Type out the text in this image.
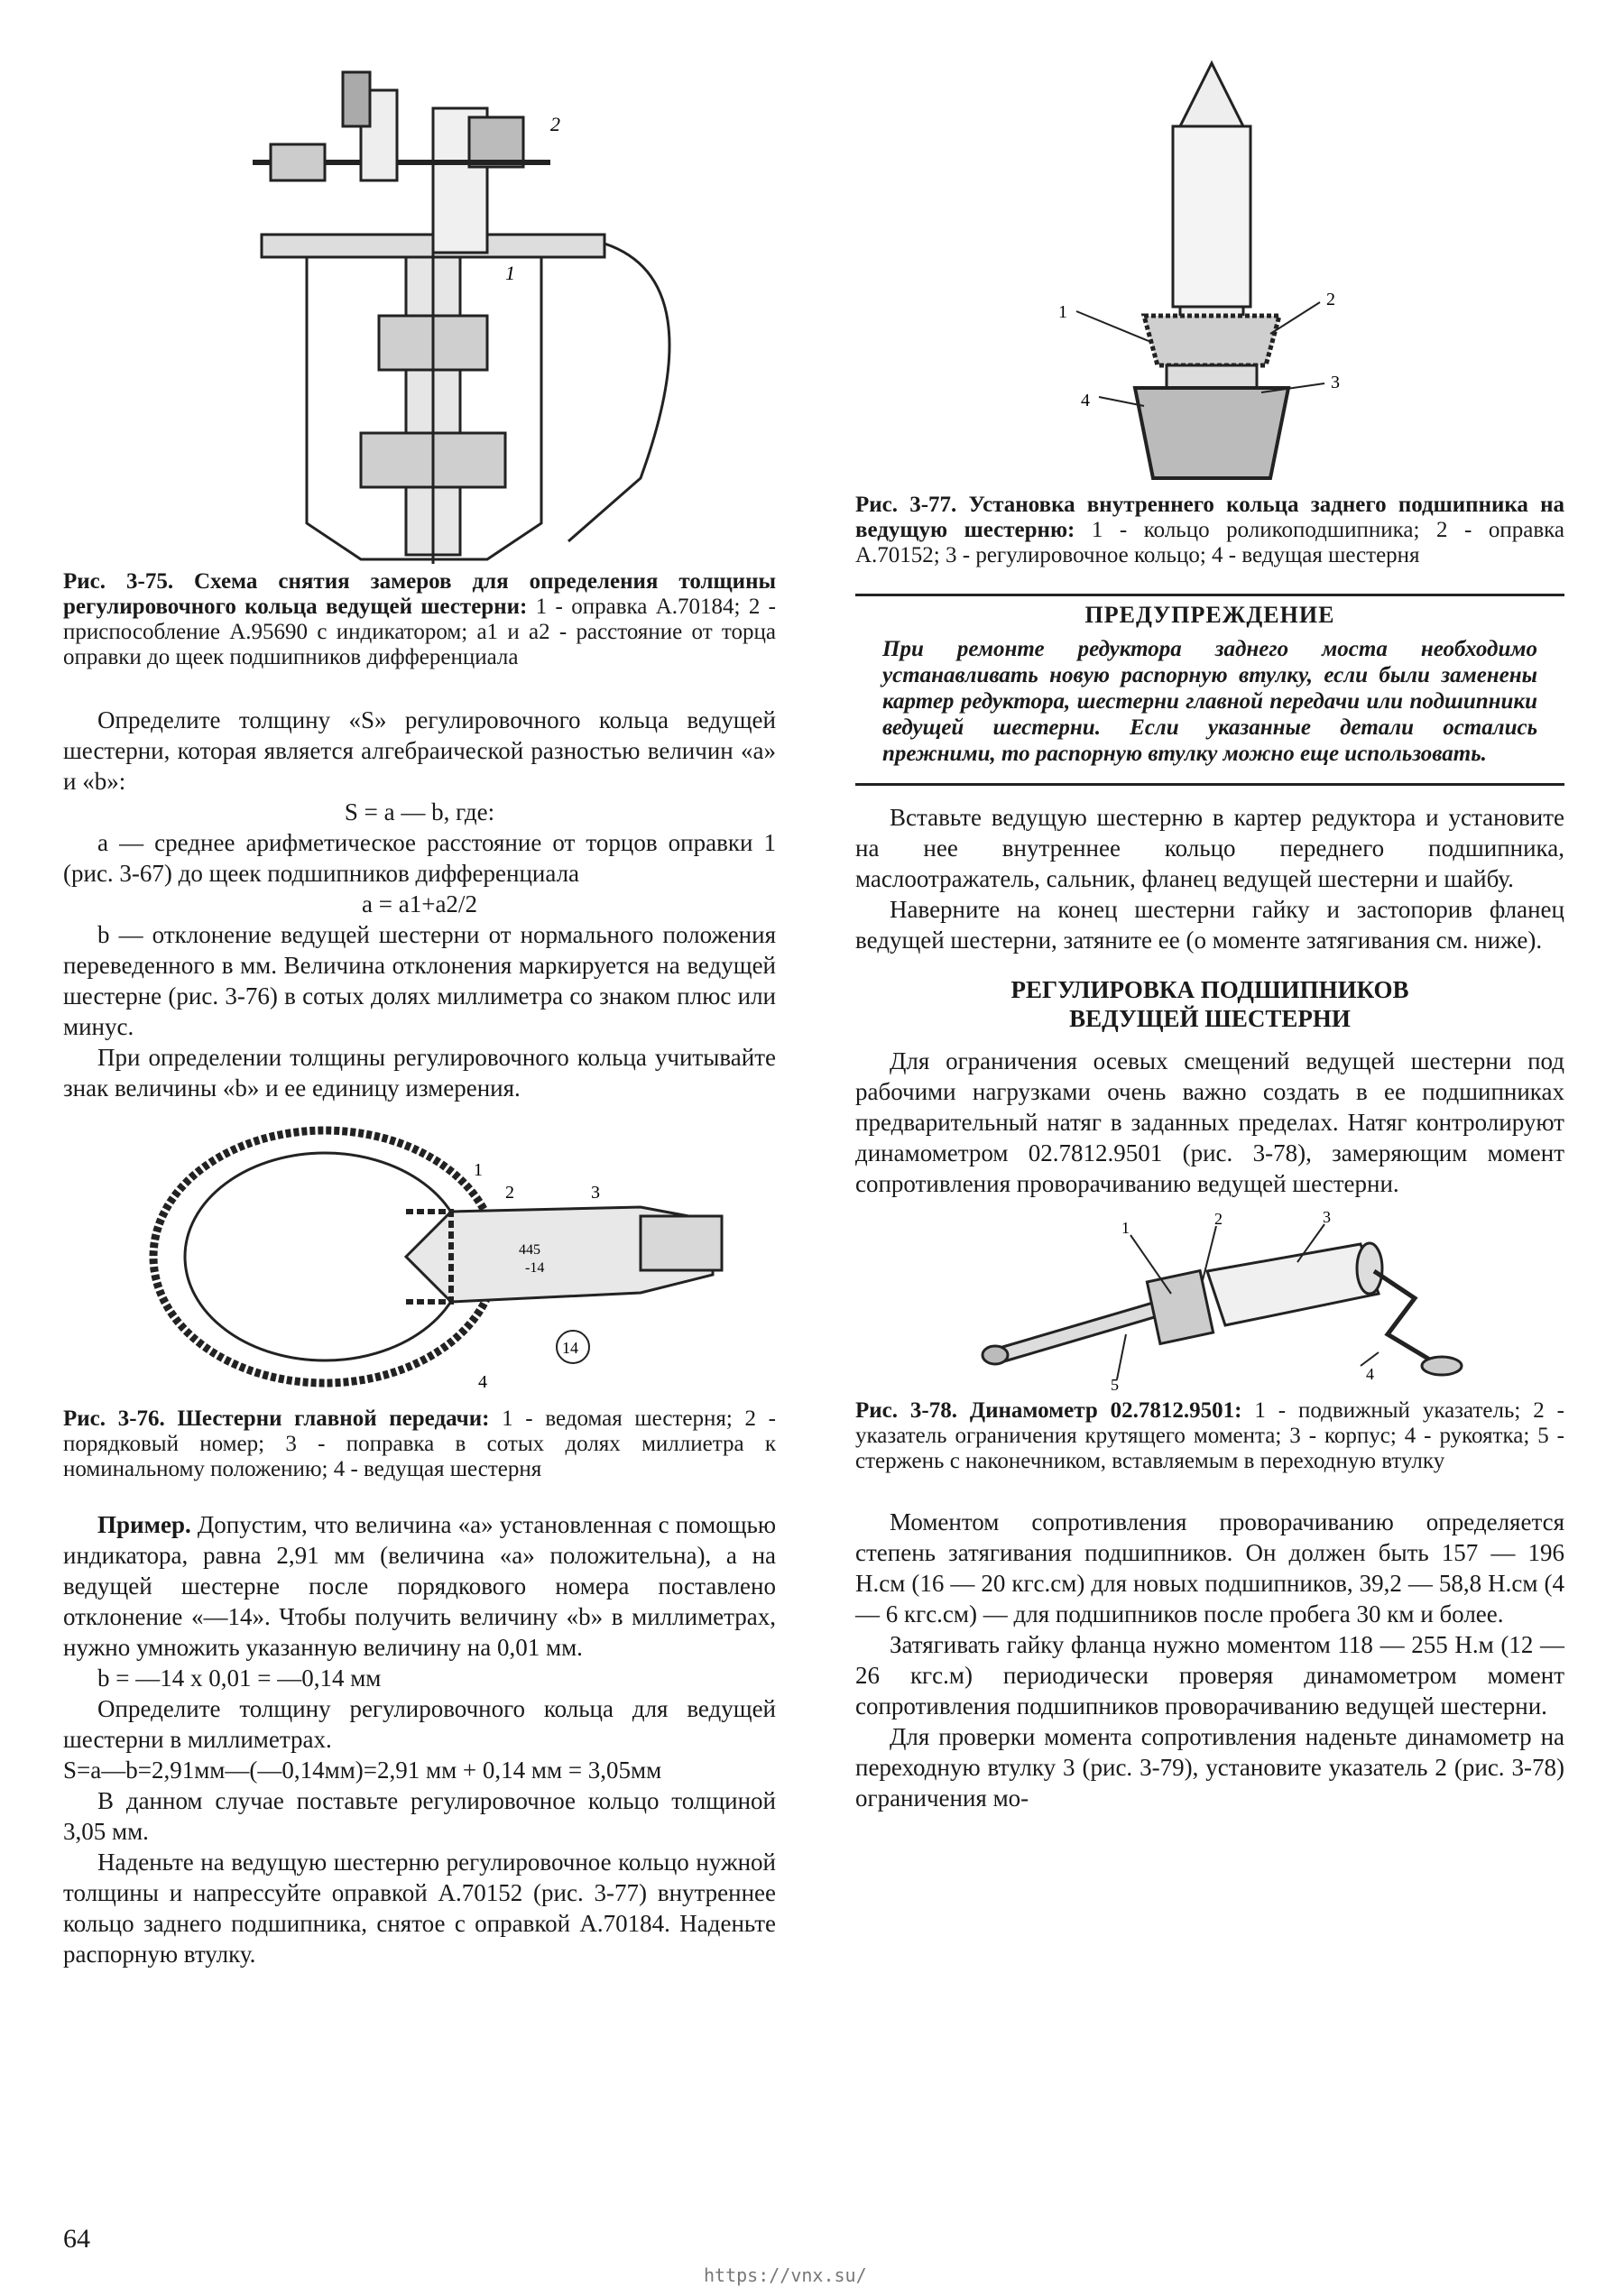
2
1
Рис. 3-75. Схема снятия замеров для определения толщины регулировочного кольца ведущей шестерни: 1 - оправка А.70184; 2 - приспособление А.95690 с индикатором; a1 и a2 - расстояние от торца оправки до щеек подшипников дифференциала

Определите толщину «S» регулировочного кольца ведущей шестерни, которая является алгебраической разностью величин «а» и «b»:

S = a — b, где:

а — среднее арифметическое расстояние от торцов оправки 1 (рис. 3-67) до щеек подшипников дифференциала

a = a1+a2/2

b — отклонение ведущей шестерни от нормального положения переведенного в мм. Величина отклонения маркируется на ведущей шестерне (рис. 3-76) в сотых долях миллиметра со знаком плюс или минус.

При определении толщины регулировочного кольца учитывайте знак величины «b» и ее единицу измерения.

445
-14
1
2	3
4
14
Рис. 3-76. Шестерни главной передачи: 1 - ведомая шестерня; 2 - порядковый номер; 3 - поправка в сотых долях миллиетра к номинальному положению; 4 - ведущая шестерня

Пример. Допустим, что величина «а» установленная с помощью индикатора, равна 2,91 мм (величина «а» положительна), а на ведущей шестерне после порядкового номера поставлено отклонение «—14». Чтобы получить величину «b» в миллиметрах, нужно умножить указанную величину на 0,01 мм.

b = —14 x 0,01 = —0,14 мм

Определите толщину регулировочного кольца для ведущей шестерни в миллиметрах.

S=a—b=2,91мм—(—0,14мм)=2,91 мм + 0,14 мм = 3,05мм

В данном случае поставьте регулировочное кольцо толщиной 3,05 мм.

Наденьте на ведущую шестерню регулировочное кольцо нужной толщины и напрессуйте оправкой А.70152 (рис. 3-77) внутреннее кольцо заднего подшипника, снятое с оправкой А.70184. Наденьте распорную втулку.

1
2
3
4
Рис. 3-77. Установка внутреннего кольца заднего подшипника на ведущую шестерню: 1 - кольцо роликоподшипника; 2 - оправка А.70152; 3 - регулировочное кольцо; 4 - ведущая шестерня
ПРЕДУПРЕЖДЕНИЕ

При ремонте редуктора заднего моста необходимо устанавливать новую распорную втулку, если были заменены картер редуктора, шестерни главной передачи или подшипники ведущей шестерни. Если указанные детали остались прежними, то распорную втулку можно еще использовать.

Вставьте ведущую шестерню в картер редуктора и установите на нее внутреннее кольцо переднего подшипника, маслоотражатель, сальник, фланец ведущей шестерни и шайбу.

Наверните на конец шестерни гайку и застопорив фланец ведущей шестерни, затяните ее (о моменте затягивания см. ниже).

РЕГУЛИРОВКА ПОДШИПНИКОВ
ВЕДУЩЕЙ ШЕСТЕРНИ

Для ограничения осевых смещений ведущей шестерни под рабочими нагрузками очень важно создать в ее подшипниках предварительный натяг в заданных пределах. Натяг контролируют динамометром 02.7812.9501 (рис. 3-78), замеряющим момент сопротивления проворачиванию ведущей шестерни.

1	2	3
4
5
Рис. 3-78. Динамометр 02.7812.9501: 1 - подвижный указатель; 2 - указатель ограничения крутящего момента; 3 - корпус; 4 - рукоятка; 5 - стержень с наконечником, вставляемым в переходную втулку

Моментом сопротивления проворачиванию определяется степень затягивания подшипников. Он должен быть 157 — 196 Н.см (16 — 20 кгс.см) для новых подшипников, 39,2 — 58,8 Н.см (4 — 6 кгс.см) — для подшипников после пробега 30 км и более.

Затягивать гайку фланца нужно моментом 118 — 255 Н.м (12 — 26 кгс.м) периодически проверяя динамометром момент сопротивления подшипников проворачиванию ведущей шестерни.

Для проверки момента сопротивления наденьте динамометр на переходную втулку 3 (рис. 3-79), установите указатель 2 (рис. 3-78) ограничения мо-

64
https://vnx.su/
